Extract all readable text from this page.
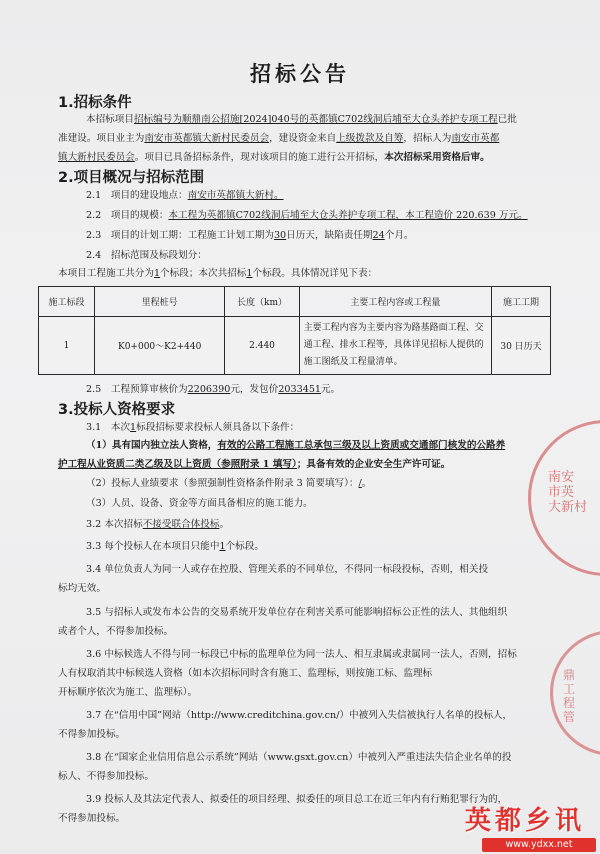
招标公告
1.招标条件
本招标项目招标编号为顺鼎南公招施[2024]040号的英都镇C702线洞后埔至大仓头养护专项工程已批
准建设。项目业主为南安市英都镇大新村民委员会，建设资金来自上级拨款及自筹，招标人为南安市英都
镇大新村民委员会。项目已具备招标条件，现对该项目的施工进行公开招标，本次招标采用资格后审。
2.项目概况与招标范围
2.1　项目的建设地点：南安市英都镇大新村。
2.2　项目的规模：本工程为英都镇C702线洞后埔至大仓头养护专项工程，本工程造价 220.639 万元。
2.3　项目的计划工期：工程施工计划工期为30日历天，缺陷责任期24个月。
2.4　招标范围及标段划分：
本项目工程施工共分为1个标段；本次共招标1个标段。具体情况详见下表：
施工标段	里程桩号	长度（km）	主要工程内容或工程量	施工工期
1	K0+000～K2+440	2.440	主要工程内容为主要内容为路基路面工程、交通工程、排水工程等，具体详见招标人提供的施工图纸及工程量清单。	30 日历天
2.5　工程预算审核价为2206390元，发包价2033451元。
3.投标人资格要求
3.1　本次1标段招标要求投标人须具备以下条件：
（1）具有国内独立法人资格，有效的公路工程施工总承包三级及以上资质或交通部门核发的公路养
护工程从业资质二类乙级及以上资质（参照附录 1 填写）；具备有效的企业安全生产许可证。
（2）投标人业绩要求（参照强制性资格条件附录 3 简要填写）：/。
（3）人员、设备、资金等方面具备相应的施工能力。
3.2 本次招标不接受联合体投标。
3.3 每个投标人在本项目只能中1个标段。
3.4 单位负责人为同一人或存在控股、管理关系的不同单位，不得同一标段投标，否则，相关投
标均无效。
3.5 与招标人或发布本公告的交易系统开发单位存在利害关系可能影响招标公正性的法人、其他组织
或者个人，不得参加投标。
3.6 中标候选人不得与同一标段已中标的监理单位为同一法人、相互隶属或隶属同一法人，否则，招标
人有权取消其中标候选人资格（如本次招标同时含有施工、监理标，则按施工标、监理标
开标顺序依次为施工、监理标）。
3.7 在“信用中国”网站（http://www.creditchina.gov.cn/）中被列入失信被执行人名单的投标人，
不得参加投标。
3.8 在“国家企业信用信息公示系统”网站（www.gsxt.gov.cn）中被列入严重违法失信企业名单的投
标人、不得参加投标。
3.9 投标人及其法定代表人、拟委任的项目经理、拟委任的项目总工在近三年内有行贿犯罪行为的，
不得参加投标。
南安 市英 大新村
鼎 工程管
英都乡讯
www.ydxx.net
